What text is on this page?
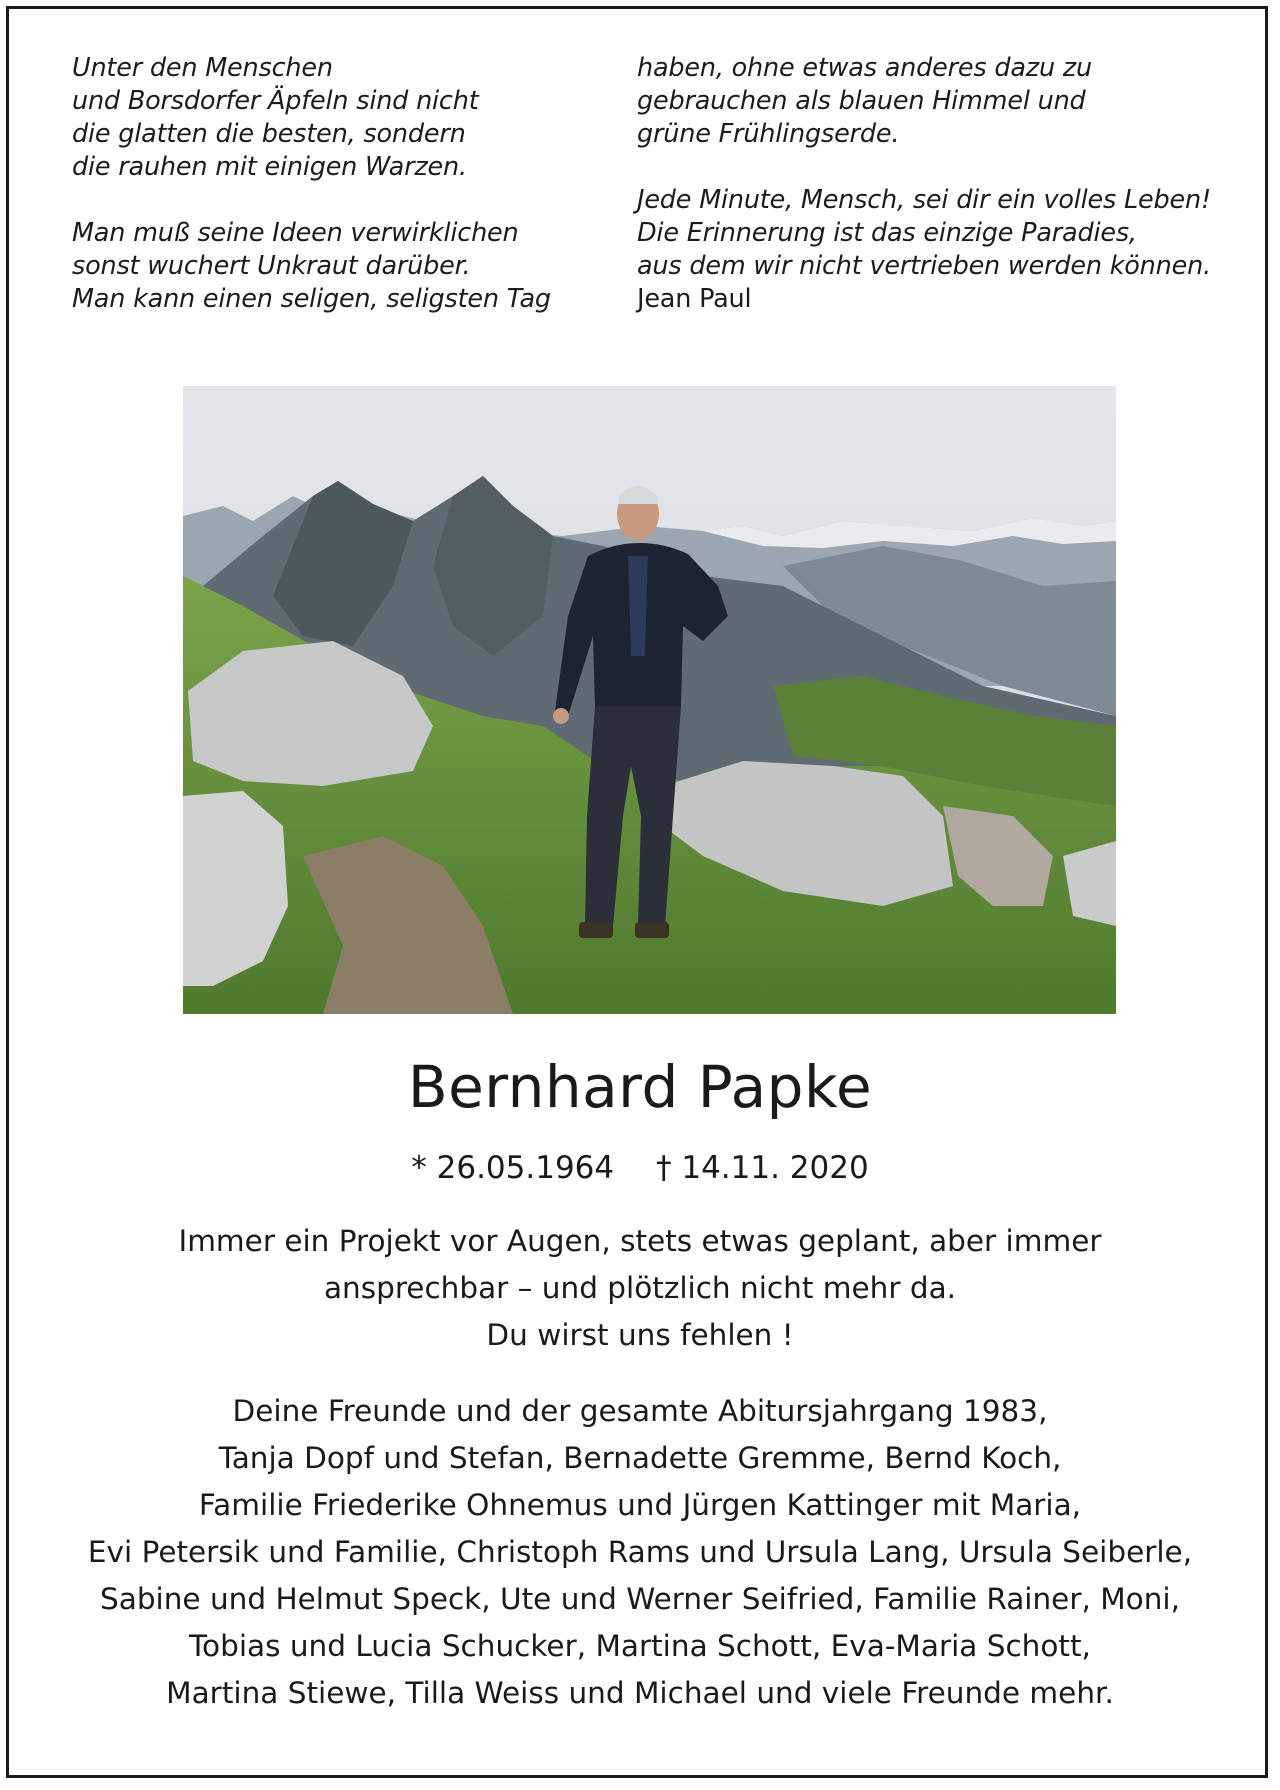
Unter den Menschen
und Borsdorfer Äpfeln sind nicht
die glatten die besten, sondern
die rauhen mit einigen Warzen.
Man muß seine Ideen verwirklichen
sonst wuchert Unkraut darüber.
Man kann einen seligen, seligsten Tag
haben, ohne etwas anderes dazu zu
gebrauchen als blauen Himmel und
grüne Frühlingserde.
Jede Minute, Mensch, sei dir ein volles Leben!
Die Erinnerung ist das einzige Paradies,
aus dem wir nicht vertrieben werden können.
Jean Paul
Bernhard Papke
* 26.05.1964 † 14.11. 2020
Immer ein Projekt vor Augen, stets etwas geplant, aber immer
ansprechbar – und plötzlich nicht mehr da.
Du wirst uns fehlen !
Deine Freunde und der gesamte Abitursjahrgang 1983,
Tanja Dopf und Stefan, Bernadette Gremme, Bernd Koch,
Familie Friederike Ohnemus und Jürgen Kattinger mit Maria,
Evi Petersik und Familie, Christoph Rams und Ursula Lang, Ursula Seiberle,
Sabine und Helmut Speck, Ute und Werner Seifried, Familie Rainer, Moni,
Tobias und Lucia Schucker, Martina Schott, Eva-Maria Schott,
Martina Stiewe, Tilla Weiss und Michael und viele Freunde mehr.
